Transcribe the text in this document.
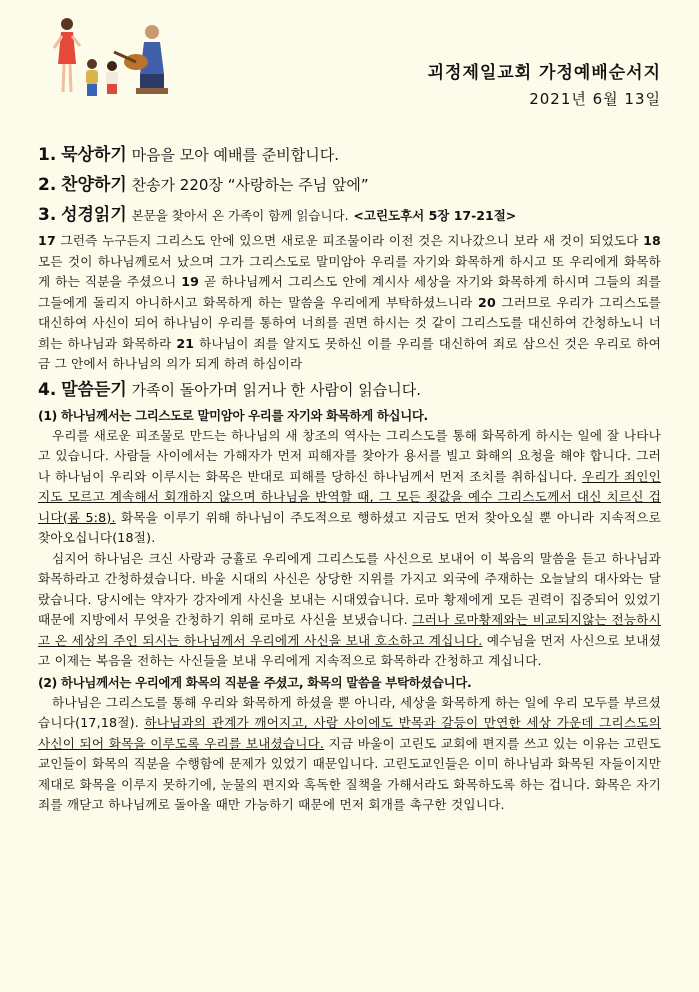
괴정제일교회 가정예배순서지
2021년 6월 13일

1. 묵상하기 마음을 모아 예배를 준비합니다.

2. 찬양하기 찬송가 220장 “사랑하는 주님 앞에”

3. 성경읽기 본문을 찾아서 온 가족이 함께 읽습니다. <고린도후서 5장 17-21절>

17 그런즉 누구든지 그리스도 안에 있으면 새로운 피조물이라 이전 것은 지나갔으니 보라 새 것이 되었도다 18 모든 것이 하나님께로서 났으며 그가 그리스도로 말미암아 우리를 자기와 화목하게 하시고 또 우리에게 화목하게 하는 직분을 주셨으니 19 곧 하나님께서 그리스도 안에 계시사 세상을 자기와 화목하게 하시며 그들의 죄를 그들에게 돌리지 아니하시고 화목하게 하는 말씀을 우리에게 부탁하셨느니라 20 그러므로 우리가 그리스도를 대신하여 사신이 되어 하나님이 우리를 통하여 너희를 권면 하시는 것 같이 그리스도를 대신하여 간청하노니 너희는 하나님과 화목하라 21 하나님이 죄를 알지도 못하신 이를 우리를 대신하여 죄로 삼으신 것은 우리로 하여금 그 안에서 하나님의 의가 되게 하려 하심이라

4. 말씀듣기 가족이 돌아가며 읽거나 한 사람이 읽습니다.

(1) 하나님께서는 그리스도로 말미암아 우리를 자기와 화목하게 하십니다.

우리를 새로운 피조물로 만드는 하나님의 새 창조의 역사는 그리스도를 통해 화목하게 하시는 일에 잘 나타나고 있습니다. 사람들 사이에서는 가해자가 먼저 피해자를 찾아가 용서를 빌고 화해의 요청을 해야 합니다. 그러나 하나님이 우리와 이루시는 화목은 반대로 피해를 당하신 하나님께서 먼저 조치를 취하십니다. 우리가 죄인인지도 모르고 계속해서 회개하지 않으며 하나님을 반역할 때, 그 모든 죗값을 예수 그리스도께서 대신 치르신 겁니다(롬 5:8). 화목을 이루기 위해 하나님이 주도적으로 행하셨고 지금도 먼저 찾아오실 뿐 아니라 지속적으로 찾아오십니다(18절).

심지어 하나님은 크신 사랑과 긍휼로 우리에게 그리스도를 사신으로 보내어 이 복음의 말씀을 듣고 하나님과 화목하라고 간청하셨습니다. 바울 시대의 사신은 상당한 지위를 가지고 외국에 주재하는 오늘날의 대사와는 달랐습니다. 당시에는 약자가 강자에게 사신을 보내는 시대였습니다. 로마 황제에게 모든 권력이 집중되어 있었기때문에 지방에서 무엇을 간청하기 위해 로마로 사신을 보냈습니다. 그러나 로마황제와는 비교되지않는 전능하시고 온 세상의 주인 되시는 하나님께서 우리에게 사신을 보내 호소하고 계십니다. 예수님을 먼저 사신으로 보내셨고 이제는 복음을 전하는 사신들을 보내 우리에게 지속적으로 화목하라 간청하고 계십니다.

(2) 하나님께서는 우리에게 화목의 직분을 주셨고, 화목의 말씀을 부탁하셨습니다.

하나님은 그리스도를 통해 우리와 화목하게 하셨을 뿐 아니라, 세상을 화목하게 하는 일에 우리 모두를 부르셨습니다(17,18절). 하나님과의 관계가 깨어지고, 사람 사이에도 반목과 갈등이 만연한 세상 가운데 그리스도의 사신이 되어 화목을 이루도록 우리를 보내셨습니다. 지금 바울이 고린도 교회에 편지를 쓰고 있는 이유는 고린도교인들이 화목의 직분을 수행함에 문제가 있었기 때문입니다. 고린도교인들은 이미 하나님과 화목된 자들이지만 제대로 화목을 이루지 못하기에, 눈물의 편지와 혹독한 질책을 가해서라도 화목하도록 하는 겁니다. 화목은 자기 죄를 깨닫고 하나님께로 돌아올 때만 가능하기 때문에 먼저 회개를 촉구한 것입니다.
